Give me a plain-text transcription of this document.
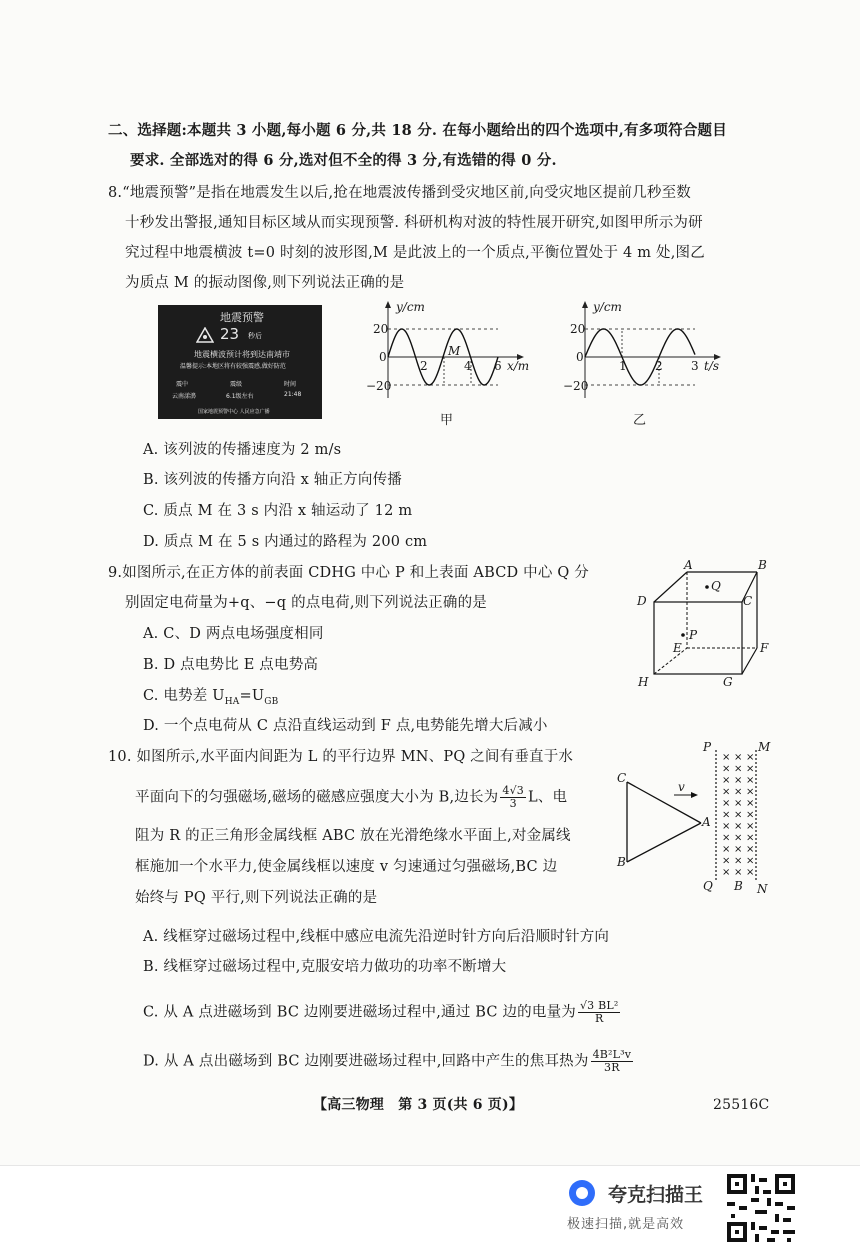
二、选择题:本题共 3 小题,每小题 6 分,共 18 分. 在每小题给出的四个选项中,有多项符合题目
要求. 全部选对的得 6 分,选对但不全的得 3 分,有选错的得 0 分.
8.“地震预警”是指在地震发生以后,抢在地震波传播到受灾地区前,向受灾地区提前几秒至数
十秒发出警报,通知目标区域从而实现预警. 科研机构对波的特性展开研究,如图甲所示为研
究过程中地震横波 t=0 时刻的波形图,M 是此波上的一个质点,平衡位置处于 4 m 处,图乙
为质点 M 的振动图像,则下列说法正确的是
地震预警
23 秒后
地震横波预计将到达南靖市
温馨提示:本地区将有较强震感,做好防范
震中	震级	时间
云南漾濞	6.1级左右	21:48
国家地震预警中心 人民应急广播
y/cm
20
0
−20
2	4 6 x/m
M
甲
y/cm
20
0
−20
1 2 3 t/s
乙
A. 该列波的传播速度为 2 m/s
B. 该列波的传播方向沿 x 轴正方向传播
C. 质点 M 在 3 s 内沿 x 轴运动了 12 m
D. 质点 M 在 5 s 内通过的路程为 200 cm
9.如图所示,在正方体的前表面 CDHG 中心 P 和上表面 ABCD 中心 Q 分
别固定电荷量为+q、−q 的点电荷,则下列说法正确的是
A. C、D 两点电场强度相同
B. D 点电势比 E 点电势高
C. 电势差 $U_{HA}=U_{GB}$
D. 一个点电荷从 C 点沿直线运动到 F 点,电势能先增大后减小
A	B
C
D
E	F
G
H
P
Q
10. 如图所示,水平面内间距为 L 的平行边界 MN、PQ 之间有垂直于水
平面向下的匀强磁场,磁场的磁感应强度大小为 B,边长为 $\frac{4√3}{3}$ L、电
阻为 R 的正三角形金属线框 ABC 放在光滑绝缘水平面上,对金属线
框施加一个水平力,使金属线框以速度 v 匀速通过匀强磁场,BC 边
始终与 PQ 平行,则下列说法正确的是
× × ×
× × ×
× × ×
× × ×
× × ×
× × ×
× × ×
× × ×
× × ×
× × ×
× × ×
P	M
Q B N
C
A
B
v
A. 线框穿过磁场过程中,线框中感应电流先沿逆时针方向后沿顺时针方向
B. 线框穿过磁场过程中,克服安培力做功的功率不断增大
C. 从 A 点进磁场到 BC 边刚要进磁场过程中,通过 BC 边的电量为 $\frac{\text{√3 BL²}}{R}$
D. 从 A 点出磁场到 BC 边刚要进磁场过程中,回路中产生的焦耳热为 $\frac{\text{4B²L³v}}{3R}$
【高三物理　第 3 页(共 6 页)】	25516C
夸克扫描王
极速扫描,就是高效
